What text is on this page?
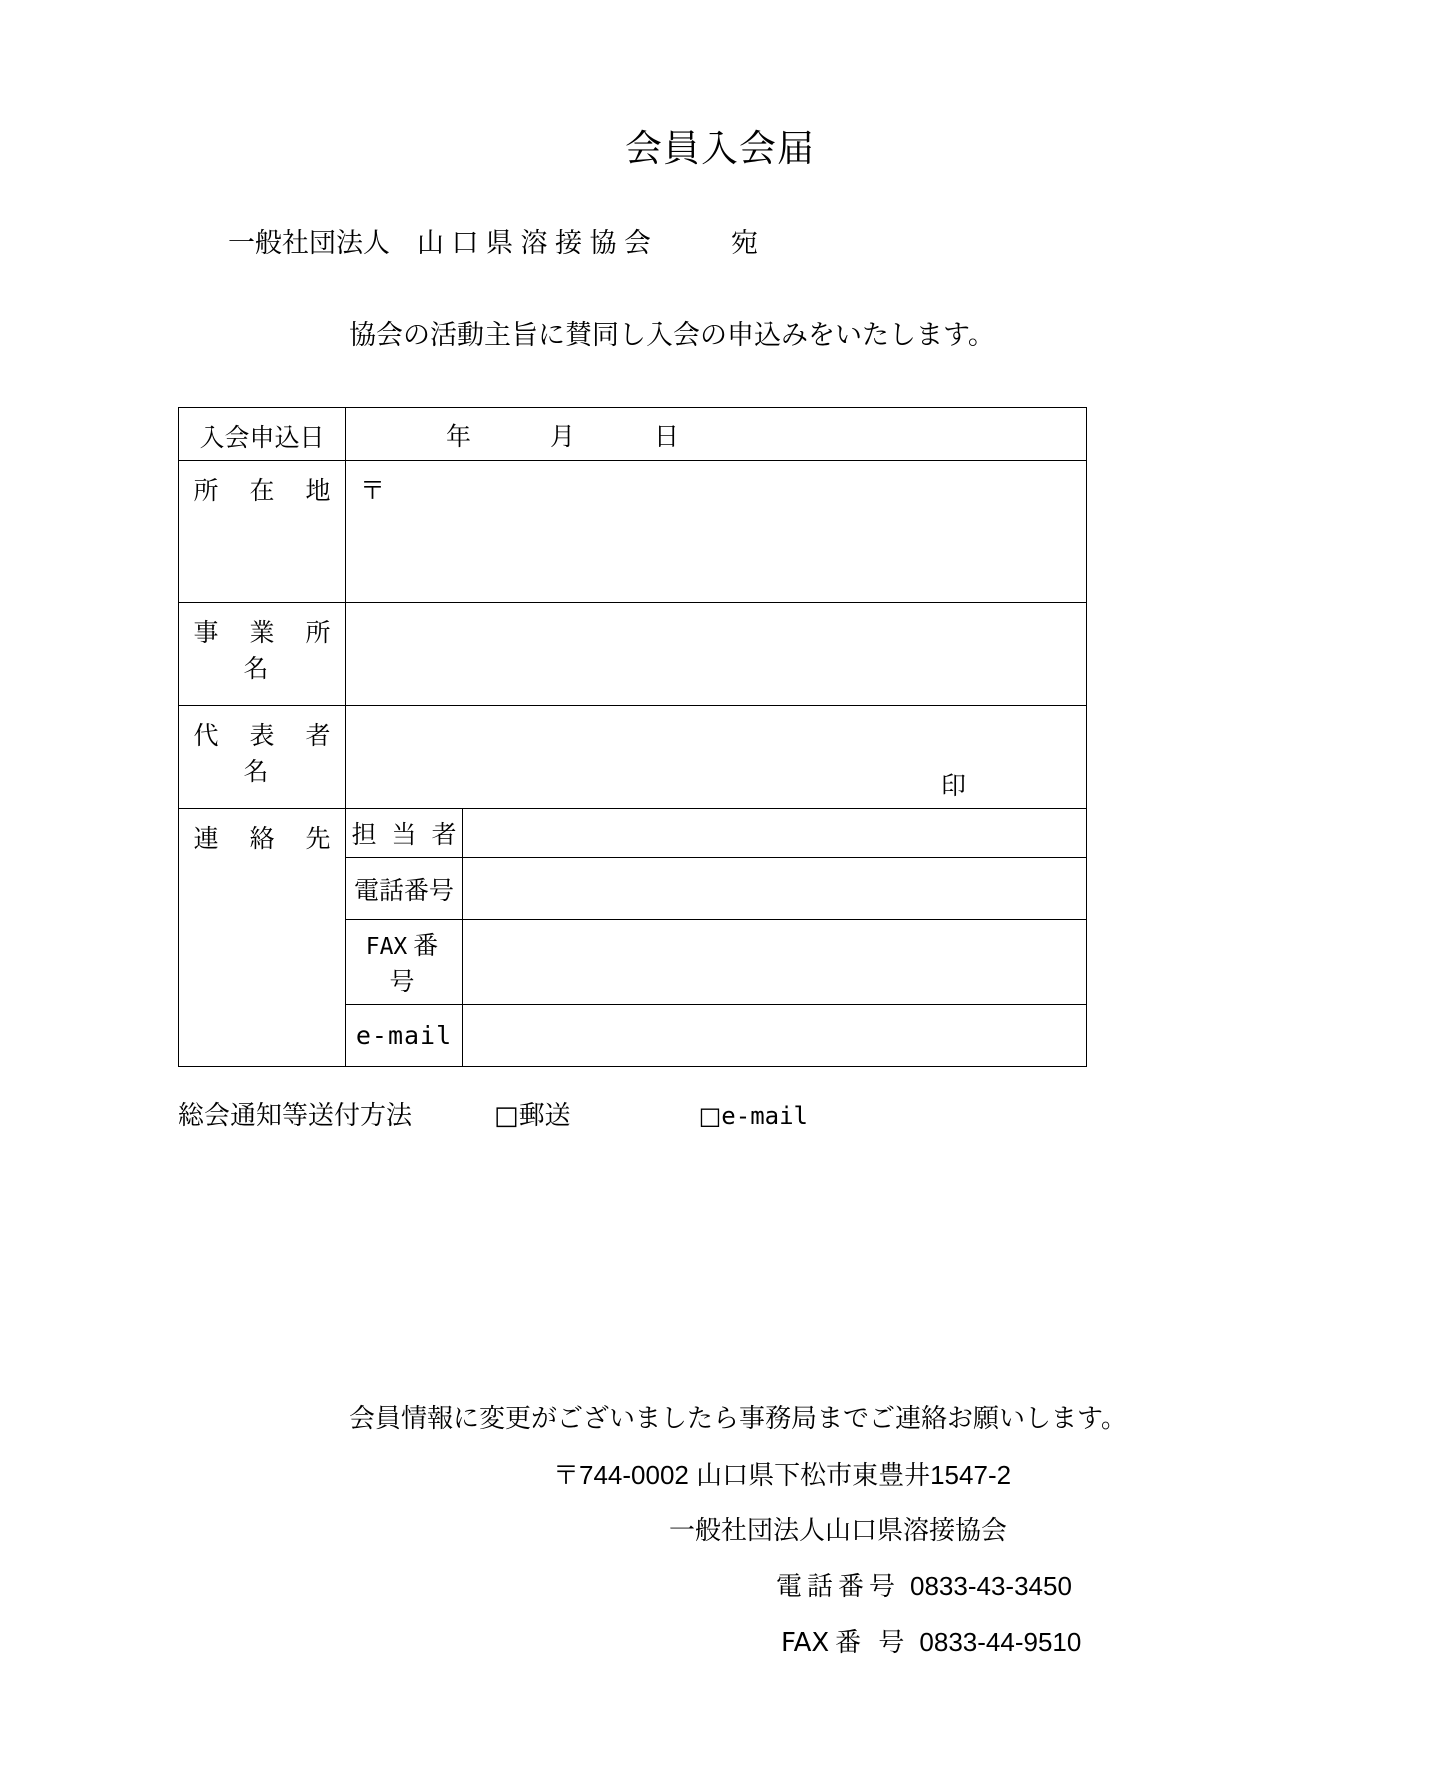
会員入会届
一般社団法人　山 口 県 溶 接 協 会	宛
協会の活動主旨に賛同し入会の申込みをいたします。
入会申込日	年 月 日	

所 在 地	〒	
事 業 所 名		
代 表 者 名	印	

連 絡 先	担 当 者	
	電話番号	
	FAX 番 号	
	e-mail	
総会通知等送付方法	□郵送	□e-mail
会員情報に変更がございましたら事務局までご連絡お願いします。
〒744-0002 山口県下松市東豊井1547-2
一般社団法人山口県溶接協会
電話番号 0833-43-3450
FAX 番 号 0833-44-9510
